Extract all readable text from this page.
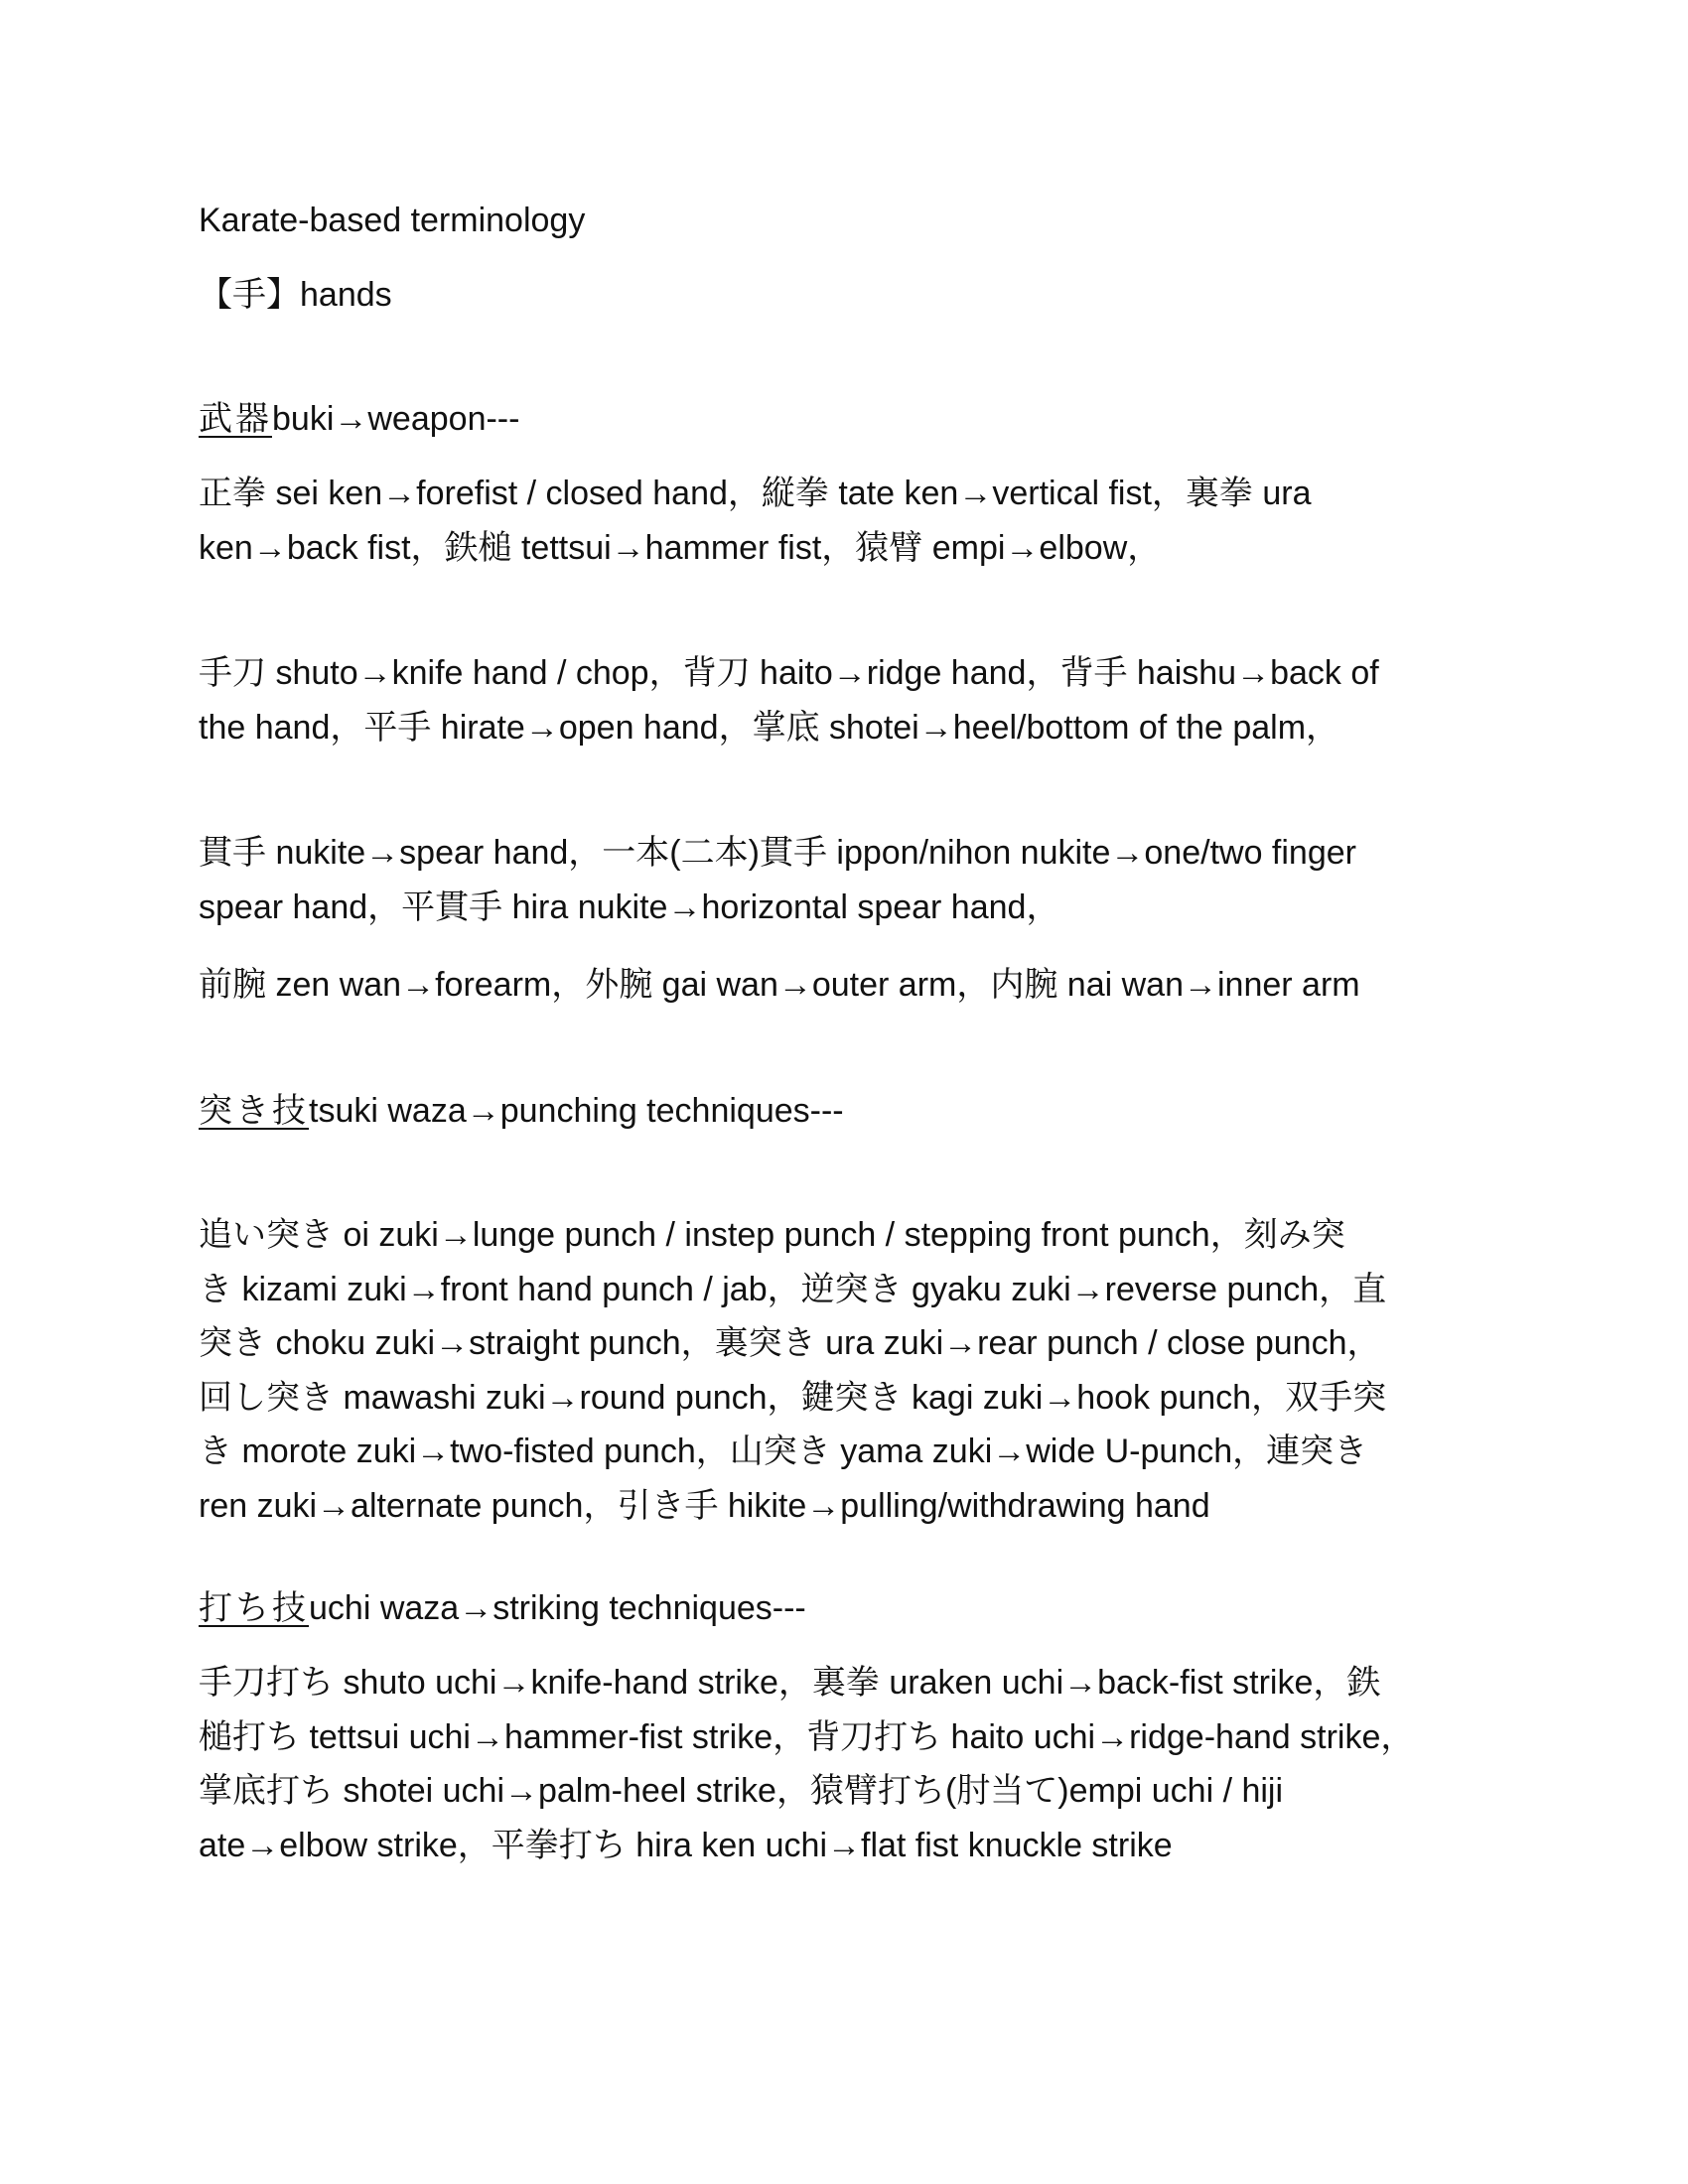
Karate-based terminology
【手】hands
武器buki→weapon---
正拳 sei ken→forefist / closed hand，縦拳 tate ken→vertical fist，裏拳 ura
ken→back fist，鉄槌 tettsui→hammer fist，猿臂 empi→elbow，
手刀 shuto→knife hand / chop，背刀 haito→ridge hand，背手 haishu→back of
the hand，平手 hirate→open hand，掌底 shotei→heel/bottom of the palm，
貫手 nukite→spear hand，一本(二本)貫手 ippon/nihon nukite→one/two finger
spear hand，平貫手 hira nukite→horizontal spear hand，
前腕 zen wan→forearm，外腕 gai wan→outer arm，内腕 nai wan→inner arm
突き技tsuki waza→punching techniques---
追い突き oi zuki→lunge punch / instep punch / stepping front punch，刻み突
き kizami zuki→front hand punch / jab，逆突き gyaku zuki→reverse punch，直
突き choku zuki→straight punch，裏突き ura zuki→rear punch / close punch，
回し突き mawashi zuki→round punch，鍵突き kagi zuki→hook punch，双手突
き morote zuki→two-fisted punch，山突き yama zuki→wide U-punch，連突き
ren zuki→alternate punch，引き手 hikite→pulling/withdrawing hand
打ち技uchi waza→striking techniques---
手刀打ち shuto uchi→knife-hand strike，裏拳 uraken uchi→back-fist strike，鉄
槌打ち tettsui uchi→hammer-fist strike，背刀打ち haito uchi→ridge-hand strike，
掌底打ち shotei uchi→palm-heel strike，猿臂打ち(肘当て)empi uchi / hiji
ate→elbow strike，平拳打ち hira ken uchi→flat fist knuckle strike
